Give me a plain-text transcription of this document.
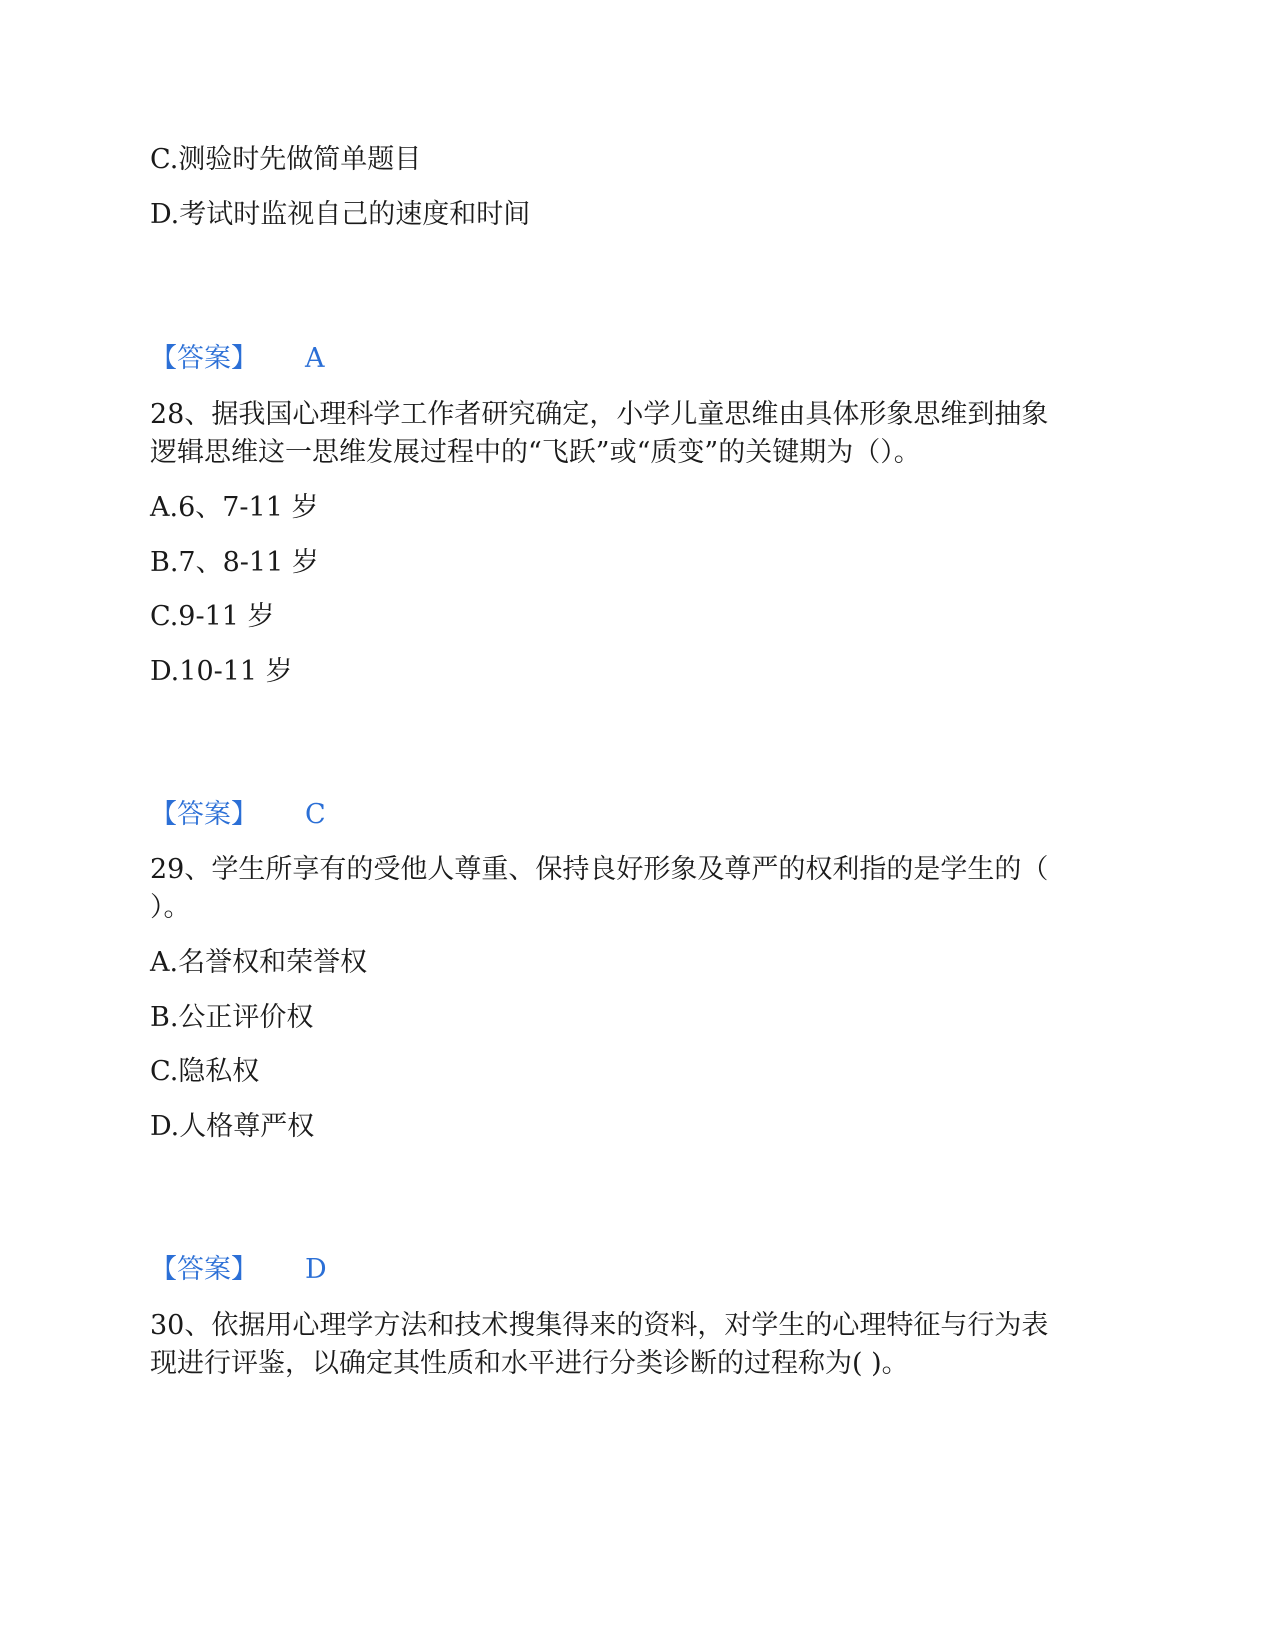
C.测验时先做简单题目
D.考试时监视自己的速度和时间
【答案】 A
28、据我国心理科学工作者研究确定，小学儿童思维由具体形象思维到抽象
逻辑思维这一思维发展过程中的“飞跃”或“质变”的关键期为（）。
A.6、7-11 岁
B.7、8-11 岁
C.9-11 岁
D.10-11 岁
【答案】 C
29、学生所享有的受他人尊重、保持良好形象及尊严的权利指的是学生的（
）。
A.名誉权和荣誉权
B.公正评价权
C.隐私权
D.人格尊严权
【答案】 D
30、依据用心理学方法和技术搜集得来的资料，对学生的心理特征与行为表
现进行评鉴，以确定其性质和水平进行分类诊断的过程称为( )。
